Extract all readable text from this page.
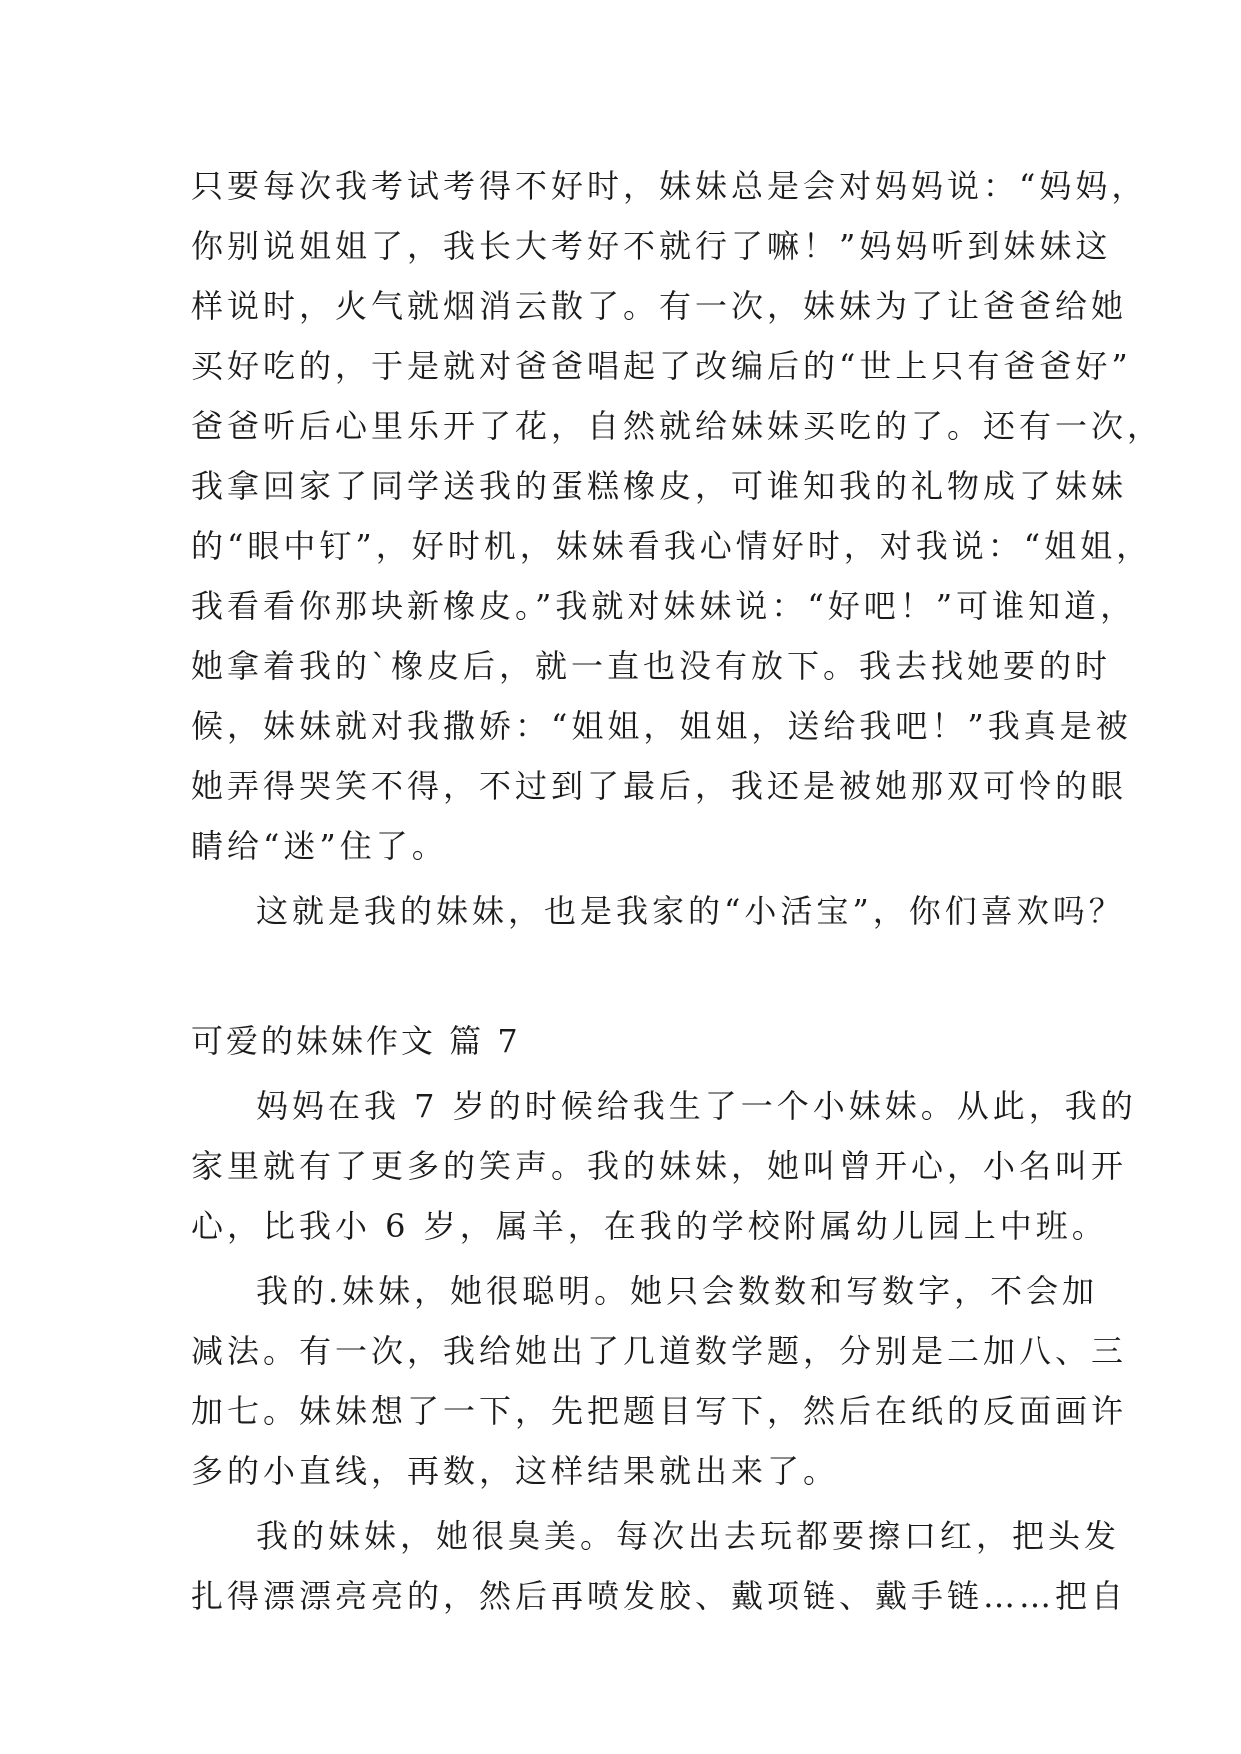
只要每次我考试考得不好时，妹妹总是会对妈妈说：“妈妈，
你别说姐姐了，我长大考好不就行了嘛！”妈妈听到妹妹这
样说时，火气就烟消云散了。有一次，妹妹为了让爸爸给她
买好吃的，于是就对爸爸唱起了改编后的“世上只有爸爸好”
爸爸听后心里乐开了花，自然就给妹妹买吃的了。还有一次，
我拿回家了同学送我的蛋糕橡皮，可谁知我的礼物成了妹妹
的“眼中钉”，好时机，妹妹看我心情好时，对我说：“姐姐，
我看看你那块新橡皮。”我就对妹妹说：“好吧！”可谁知道，
她拿着我的`橡皮后，就一直也没有放下。我去找她要的时
候，妹妹就对我撒娇：“姐姐，姐姐，送给我吧！”我真是被
她弄得哭笑不得，不过到了最后，我还是被她那双可怜的眼
睛给“迷”住了。
这就是我的妹妹，也是我家的“小活宝”，你们喜欢吗？
可爱的妹妹作文 篇 7
妈妈在我 7 岁的时候给我生了一个小妹妹。从此，我的
家里就有了更多的笑声。我的妹妹，她叫曾开心，小名叫开
心，比我小 6 岁，属羊，在我的学校附属幼儿园上中班。
我的.妹妹，她很聪明。她只会数数和写数字，不会加
减法。有一次，我给她出了几道数学题，分别是二加八、三
加七。妹妹想了一下，先把题目写下，然后在纸的反面画许
多的小直线，再数，这样结果就出来了。
我的妹妹，她很臭美。每次出去玩都要擦口红，把头发
扎得漂漂亮亮的，然后再喷发胶、戴项链、戴手链……把自
